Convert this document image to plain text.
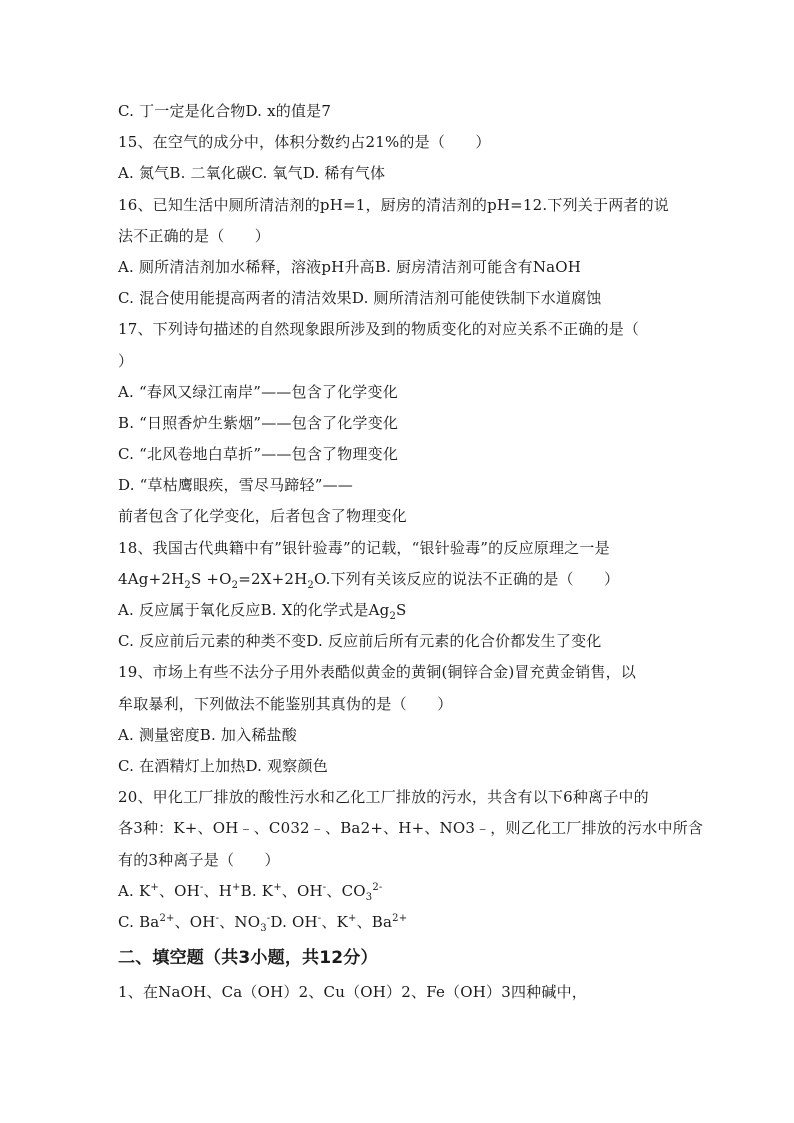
C. 丁一定是化合物D. x的值是7
15、在空气的成分中，体积分数约占21%的是（　　）
A. 氮气B. 二氧化碳C. 氧气D. 稀有气体
16、已知生活中厕所清洁剂的pH=1，厨房的清洁剂的pH=12.下列关于两者的说
法不正确的是（　　）
A. 厕所清洁剂加水稀释，溶液pH升高B. 厨房清洁剂可能含有NaOH
C. 混合使用能提高两者的清洁效果D. 厕所清洁剂可能使铁制下水道腐蚀
17、下列诗句描述的自然现象跟所涉及到的物质变化的对应关系不正确的是（
）
A. “春风又绿江南岸”——包含了化学变化
B. “日照香炉生紫烟”——包含了化学变化
C. “北风卷地白草折”——包含了物理变化
D. “草枯鹰眼疾，雪尽马蹄轻”——
前者包含了化学变化，后者包含了物理变化
18、我国古代典籍中有”银针验毒”的记载，“银针验毒”的反应原理之一是
$4Ag+2H_2S +O_2=2X+2H_2O$.下列有关该反应的说法不正确的是（　　）
A. 反应属于氧化反应B. X的化学式是$Ag_2S$
C. 反应前后元素的种类不变D. 反应前后所有元素的化合价都发生了变化
19、市场上有些不法分子用外表酷似黄金的黄铜(铜锌合金)冒充黄金销售，以
牟取暴利，下列做法不能鉴别其真伪的是（　　）
A. 测量密度B. 加入稀盐酸
C. 在酒精灯上加热D. 观察颜色
20、甲化工厂排放的酸性污水和乙化工厂排放的污水，共含有以下6种离子中的
各3种：K+、OH﹣、C032﹣、Ba2+、H+、NO3﹣，则乙化工厂排放的污水中所含
有的3种离子是（　　）
A. K+、OH-、H+B. K+、OH-、$CO_3^{2-}$
C. $Ba^{2+}$、OH-、$NO_3^-D$. OH-、K+、$Ba^{2+}$
二、填空题（共3小题，共12分）
1、在NaOH、Ca（OH）2、Cu（OH）2、Fe（OH）3四种碱中，
